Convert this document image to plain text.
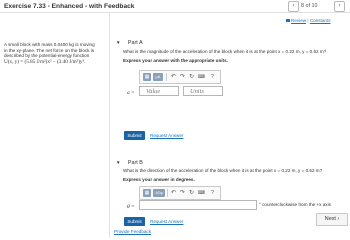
Exercise 7.33 - Enhanced - with Feedback	‹	8 of 10	›
Review | Constants
A small block with mass 0.0400 kg is moving in the xy-plane. The net force on the block is described by the potential-energy function
U(x, y) = (5.85 J/m²)x² − (3.40 J/m³)y³.
▼ Part A
What is the magnitude of the acceleration of the block when it is at the point x = 0.22 m, y = 0.52 m?
Express your answer with the appropriate units.
▦	μA	↶ ↷ ↻ ⌨	?
a =	Value	Units
Submit	Request Answer
▼ Part B
What is the direction of the acceleration of the block when it is at the point x = 0.22 m, y = 0.52 m?
Express your answer in degrees.
▦	ΑΣφ	↶ ↷ ↻ ⌨	?
θ =	° counterclockwise from the +x axis
Submit	Request Answer
Provide Feedback
Next ›
